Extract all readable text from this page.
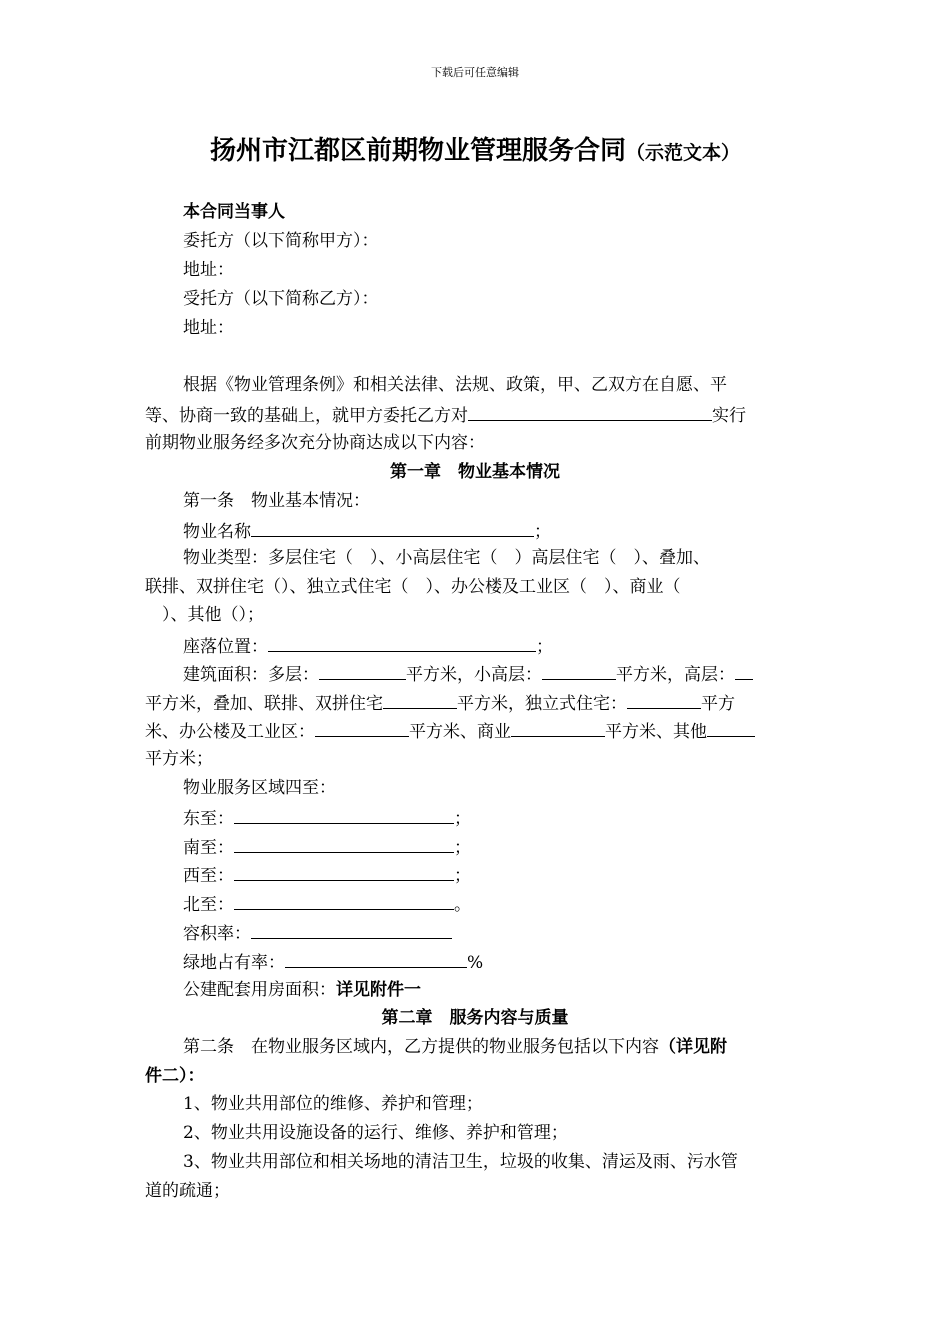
下载后可任意编辑
扬州市江都区前期物业管理服务合同（示范文本）
本合同当事人
委托方（以下简称甲方）：
地址：
受托方（以下简称乙方）：
地址：
根据《物业管理条例》和相关法律、法规、政策，甲、乙双方在自愿、平
等、协商一致的基础上，就甲方委托乙方对	实行
前期物业服务经多次充分协商达成以下内容：
第一章　物业基本情况
第一条　物业基本情况：
物业名称	；
物业类型：多层住宅（　）、小高层住宅（　）高层住宅（　）、叠加、
联排、双拼住宅（）、独立式住宅（　）、办公楼及工业区（　）、商业（
　）、其他（）；
座落位置：	；
建筑面积：多层：	平方米，小高层：	平方米，高层：
平方米，叠加、联排、双拼住宅	平方米，独立式住宅：	平方
米、办公楼及工业区：	平方米、商业	平方米、其他
平方米；
物业服务区域四至：
东至：	；
南至：	；
西至：	；
北至：	。
容积率：
绿地占有率：	%
公建配套用房面积：详见附件一
第二章　服务内容与质量
第二条　在物业服务区域内，乙方提供的物业服务包括以下内容（详见附
件二）：
1、物业共用部位的维修、养护和管理；
2、物业共用设施设备的运行、维修、养护和管理；
3、物业共用部位和相关场地的清洁卫生，垃圾的收集、清运及雨、污水管
道的疏通；
